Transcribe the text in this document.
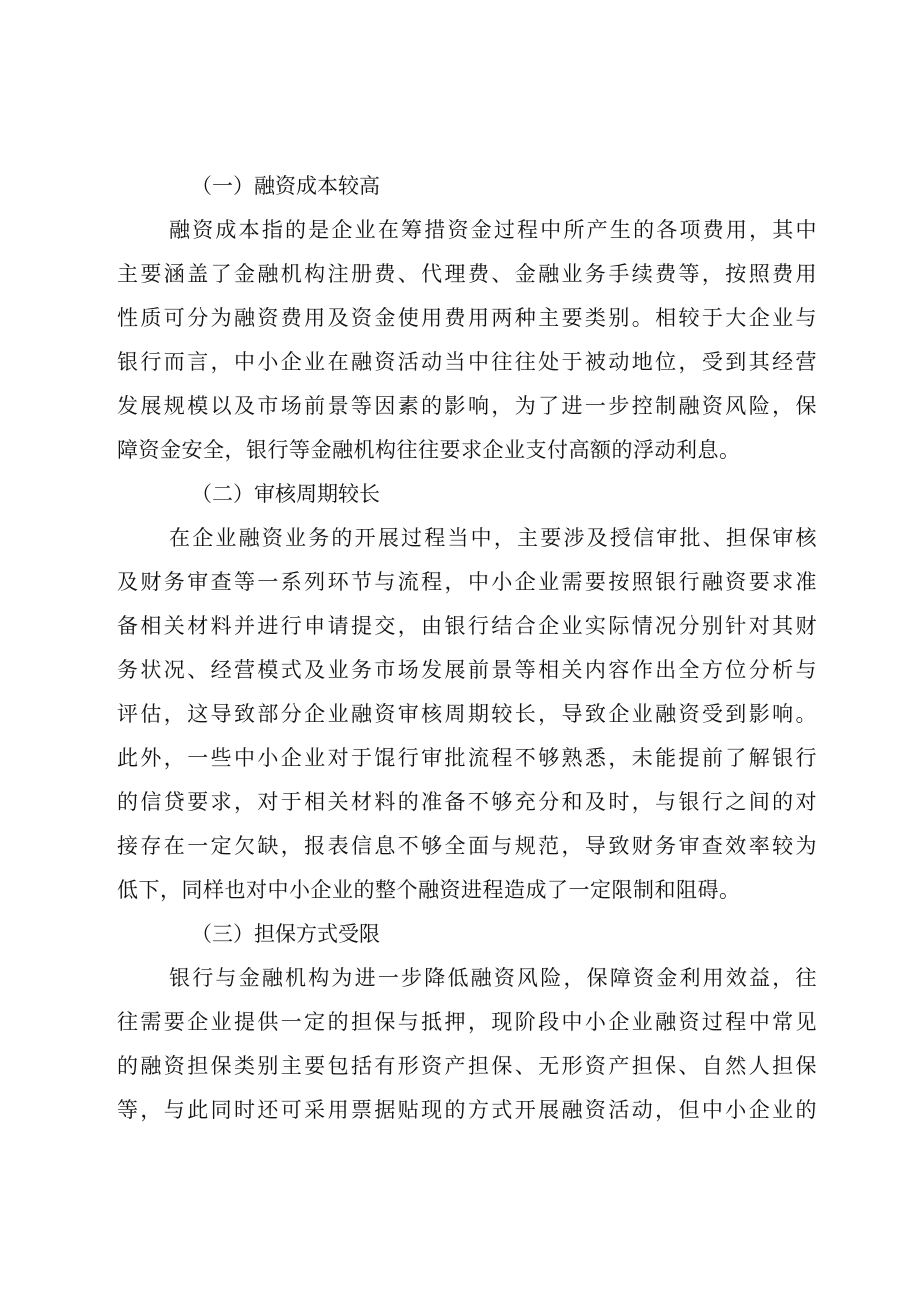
（一）融资成本较高
融资成本指的是企业在筹措资金过程中所产生的各项费用，其中
主要涵盖了金融机构注册费、代理费、金融业务手续费等，按照费用
性质可分为融资费用及资金使用费用两种主要类别。相较于大企业与
银行而言，中小企业在融资活动当中往往处于被动地位，受到其经营
发展规模以及市场前景等因素的影响，为了进一步控制融资风险，保
障资金安全，银行等金融机构往往要求企业支付高额的浮动利息。
（二）审核周期较长
在企业融资业务的开展过程当中，主要涉及授信审批、担保审核
及财务审查等一系列环节与流程，中小企业需要按照银行融资要求准
备相关材料并进行申请提交，由银行结合企业实际情况分别针对其财
务状况、经营模式及业务市场发展前景等相关内容作出全方位分析与
评估，这导致部分企业融资审核周期较长，导致企业融资受到影响。
此外，一些中小企业对于馄行审批流程不够熟悉，未能提前了解银行
的信贷要求，对于相关材料的准备不够充分和及时，与银行之间的对
接存在一定欠缺，报表信息不够全面与规范，导致财务审查效率较为
低下，同样也对中小企业的整个融资进程造成了一定限制和阻碍。
（三）担保方式受限
银行与金融机构为进一步降低融资风险，保障资金利用效益，往
往需要企业提供一定的担保与抵押，现阶段中小企业融资过程中常见
的融资担保类别主要包括有形资产担保、无形资产担保、自然人担保
等，与此同时还可采用票据贴现的方式开展融资活动，但中小企业的
